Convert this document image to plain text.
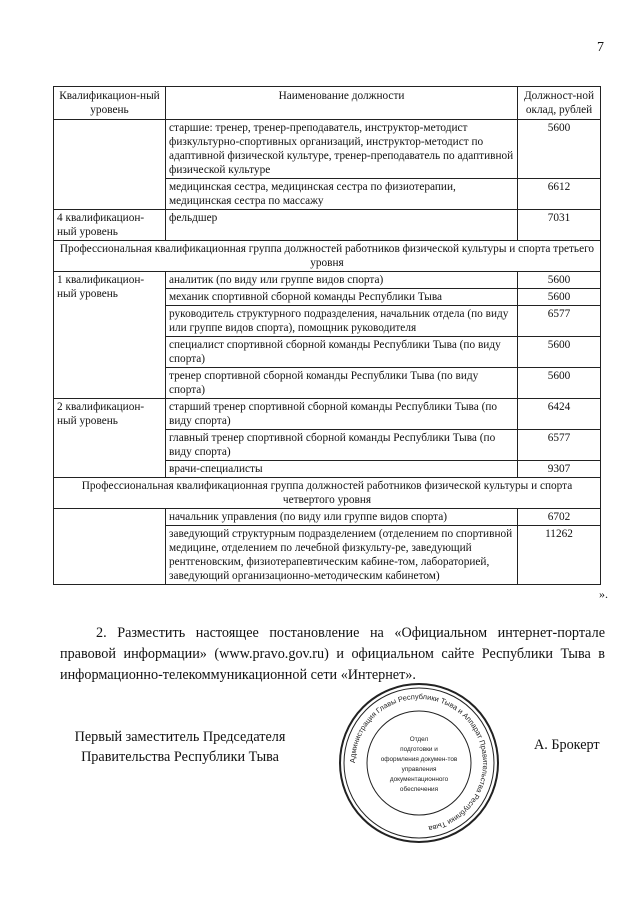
7
Квалификацион-ный уровень	Наименование должности	Должност-ной оклад, рублей
	старшие: тренер, тренер-преподаватель, инструктор-методист физкультурно-спортивных организаций, инструктор-методист по адаптивной физической культуре, тренер-преподаватель по адаптивной физической культуре	5600
	медицинская сестра, медицинская сестра по физиотерапии, медицинская сестра по массажу	6612
4 квалификацион-ный уровень	фельдшер	7031
Профессиональная квалификационная группа должностей работников физической культуры и спорта третьего уровня		
1 квалификацион-ный уровень	аналитик (по виду или группе видов спорта)	5600
	механик спортивной сборной команды Республики Тыва	5600
	руководитель структурного подразделения, начальник отдела (по виду или группе видов спорта), помощник руководителя	6577
	специалист спортивной сборной команды Республики Тыва (по виду спорта)	5600
	тренер спортивной сборной команды Республики Тыва (по виду спорта)	5600
2 квалификацион-ный уровень	старший тренер спортивной сборной команды Республики Тыва (по виду спорта)	6424
	главный тренер спортивной сборной команды Республики Тыва (по виду спорта)	6577
	врачи-специалисты	9307
Профессиональная квалификационная группа должностей работников физической культуры и спорта четвертого уровня		
	начальник управления (по виду или группе видов спорта)	6702
	заведующий структурным подразделением (отделением по спортивной медицине, отделением по лечебной физкульту-ре, заведующий рентгеновским, физиотерапевтическим кабине-том, лабораторией, заведующий организационно-методическим кабинетом)	11262
».
2. Разместить настоящее постановление на «Официальном интернет-портале правовой информации» (www.pravo.gov.ru) и официальном сайте Республики Тыва в информационно-телекоммуникационной сети «Интернет».
Первый заместитель Председателя
Правительства Республики Тыва
А. Брокерт
Администрация Главы Республики Тыва и Аппарат Правительства Республики Тыва
Отдел
подготовки и
оформления докумен-тов
управления
документационного
обеспечения
